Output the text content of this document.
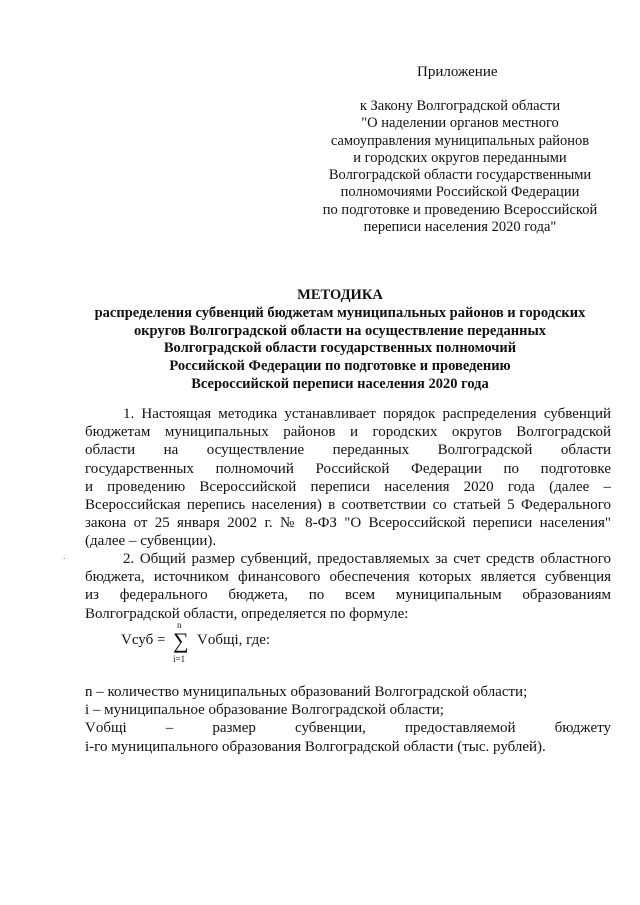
Приложение
к Закону Волгоградской области
"О наделении органов местного
самоуправления муниципальных районов
и городских округов переданными
Волгоградской области государственными
полномочиями Российской Федерации
по подготовке и проведению Всероссийской
переписи населения 2020 года"
МЕТОДИКА
распределения субвенций бюджетам муниципальных районов и городских
округов Волгоградской области на осуществление переданных
Волгоградской области государственных полномочий
Российской Федерации по подготовке и проведению
Всероссийской переписи населения 2020 года
1. Настоящая методика устанавливает порядок распределения субвенций
бюджетам муниципальных районов и городских округов Волгоградской
области на осуществление переданных Волгоградской области
государственных полномочий Российской Федерации по подготовке
и проведению Всероссийской переписи населения 2020 года (далее –
Всероссийская перепись населения) в соответствии со статьей 5 Федерального
закона от 25 января 2002 г. № 8-ФЗ "О Всероссийской переписи населения"
(далее – субвенции).
2. Общий размер субвенций, предоставляемых за счет средств областного
бюджета, источником финансового обеспечения которых является субвенция
из федерального бюджета, по всем муниципальным образованиям
Волгоградской области, определяется по формуле:
Vсуб =
n
∑
i=1
Vобщi, где:
n – количество муниципальных образований Волгоградской области;
i – муниципальное образование Волгоградской области;
Vобщi – размер субвенции, предоставляемой бюджету
i-го муниципального образования Волгоградской области (тыс. рублей).
.
